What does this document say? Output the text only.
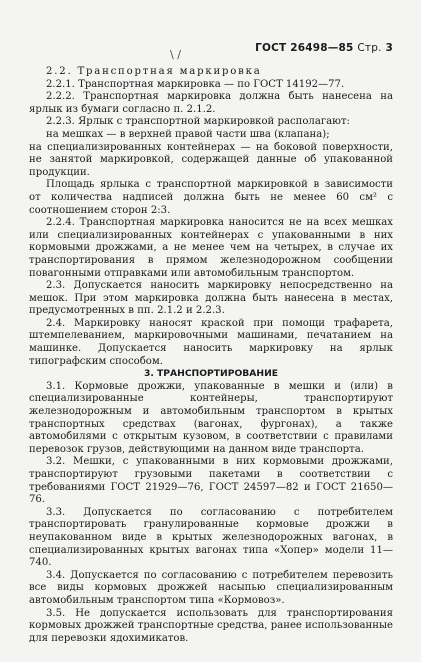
\ /	ГОСТ 26498—85 Стр. 3

2.2. Транспортная маркировка

2.2.1. Транспортная маркировка — по ГОСТ 14192—77.

2.2.2. Транспортная маркировка должна быть нанесена на ярлык из бумаги согласно п. 2.1.2.

2.2.3. Ярлык с транспортной маркировкой располагают:

на мешках — в верхней правой части шва (клапана);

на специализированных контейнерах — на боковой поверхности, не занятой маркировкой, содержащей данные об упакованной продукции.

Площадь ярлыка с транспортной маркировкой в зависимости от количества надписей должна быть не менее 60 см² с соотношением сторон 2:3.

2.2.4. Транспортная маркировка наносится не на всех мешках или специализированных контейнерах с упакованными в них кормовыми дрожжами, а не менее чем на четырех, в случае их транспортирования в прямом железнодорожном сообщении повагонными отправками или автомобильным транспортом.

2.3. Допускается наносить маркировку непосредственно на мешок. При этом маркировка должна быть нанесена в местах, предусмотренных в пп. 2.1.2 и 2.2.3.

2.4. Маркировку наносят краской при помощи трафарета, штемпелеванием, маркировочными машинами, печатанием на машинке. Допускается наносить маркировку на ярлык типографским способом.

3. ТРАНСПОРТИРОВАНИЕ

3.1. Кормовые дрожжи, упакованные в мешки и (или) в специализированные контейнеры, транспортируют железнодорожным и автомобильным транспортом в крытых транспортных средствах (вагонах, фургонах), а также автомобилями с открытым кузовом, в соответствии с правилами перевозок грузов, действующими на данном виде транспорта.

3.2. Мешки, с упакованными в них кормовыми дрожжами, транспортируют грузовыми пакетами в соответствии с требованиями ГОСТ 21929—76, ГОСТ 24597—82 и ГОСТ 21650—76.

3.3. Допускается по согласованию с потребителем транспортировать гранулированные кормовые дрожжи в неупакованном виде в крытых железнодорожных вагонах, в специализированных крытых вагонах типа «Хопер» модели 11—740.

3.4. Допускается по согласованию с потребителем перевозить все виды кормовых дрожжей насыпью специализированным автомобильным транспортом типа «Кормовоз».

3.5. Не допускается использовать для транспортирования кормовых дрожжей транспортные средства, ранее использованные для перевозки ядохимикатов.
